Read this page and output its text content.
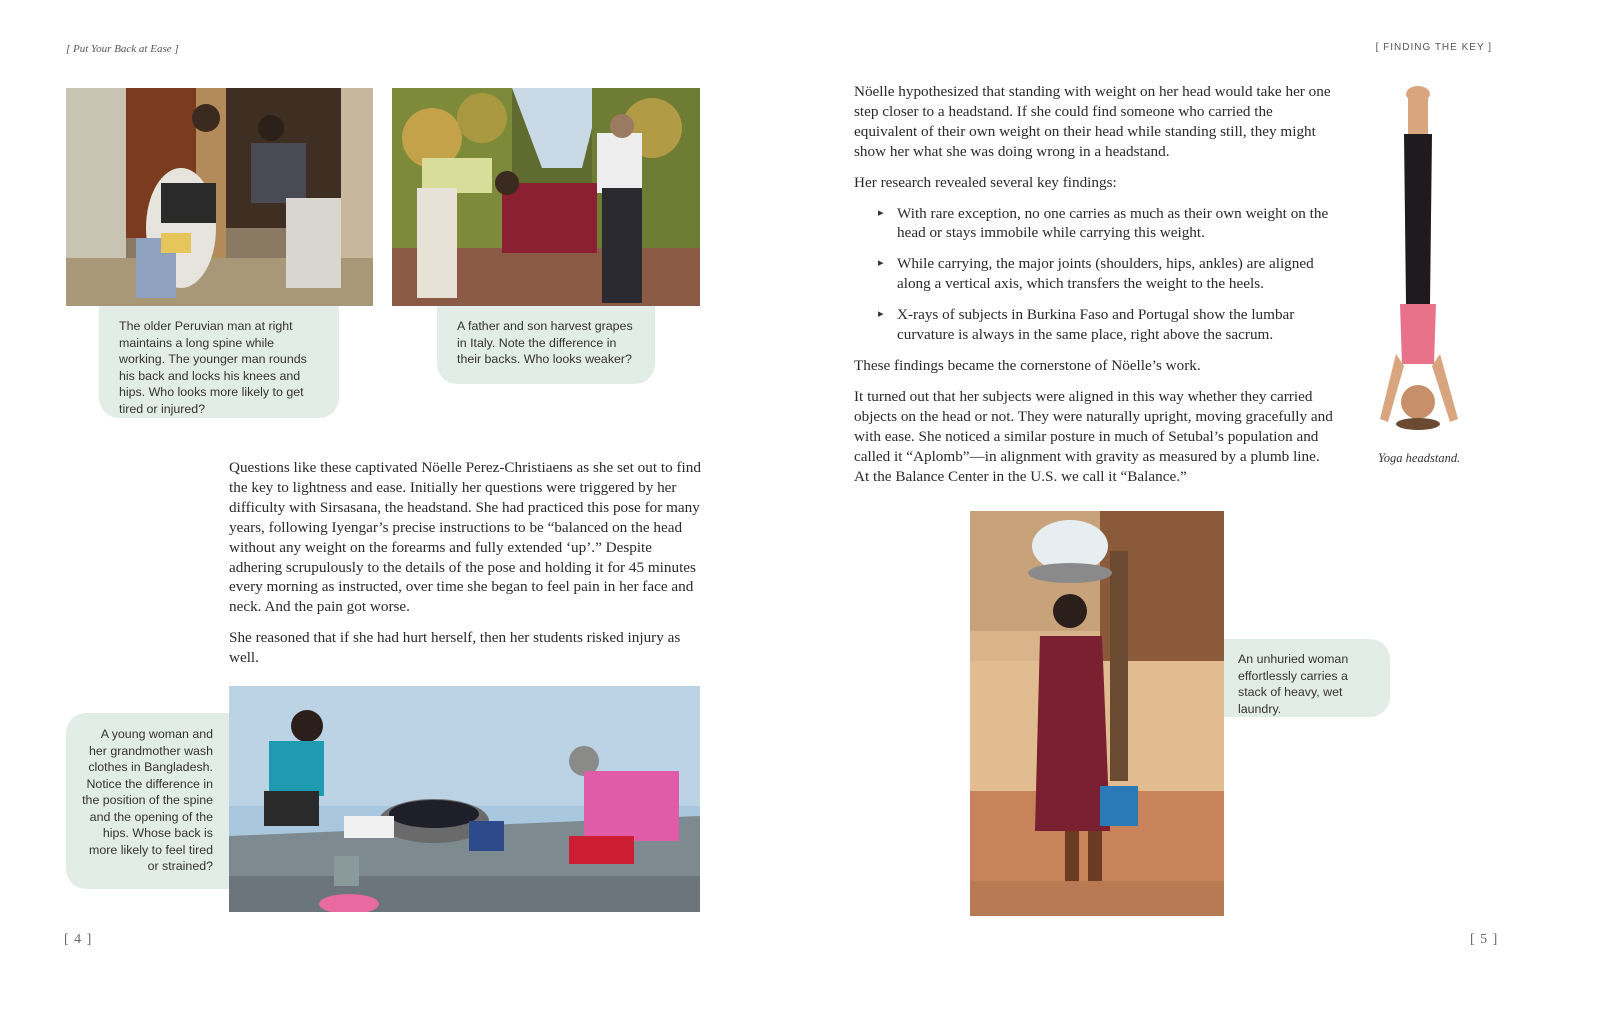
[ Put Your Back at Ease ]

The older Peruvian man at right maintains a long spine while working. The younger man rounds his back and locks his knees and hips. Who looks more likely to get tired or injured?

A father and son harvest grapes in Italy. Note the difference in their backs. Who looks weaker?

Questions like these captivated Nöelle Perez-Christiaens as she set out to find the key to lightness and ease. Initially her questions were triggered by her difficulty with Sirsasana, the headstand. She had practiced this pose for many years, following Iyengar’s precise instructions to be “balanced on the head without any weight on the forearms and fully extended ‘up’.” Despite adhering scrupulously to the details of the pose and holding it for 45 minutes every morning as instructed, over time she began to feel pain in her face and neck. And the pain got worse.

She reasoned that if she had hurt herself, then her students risked injury as well.

A young woman and her grandmother wash clothes in Bangladesh. Notice the difference in the position of the spine and the opening of the hips. Whose back is more likely to feel tired or strained?

[ 4 ]
[ FINDING THE KEY ]

Nöelle hypothesized that standing with weight on her head would take her one step closer to a headstand. If she could find someone who carried the equivalent of their own weight on their head while standing still, they might show her what she was doing wrong in a headstand.

Her research revealed several key findings:

▸ With rare exception, no one carries as much as their own weight on the head or stays immobile while carrying this weight.
▸ While carrying, the major joints (shoulders, hips, ankles) are aligned along a vertical axis, which transfers the weight to the heels.
▸ X-rays of subjects in Burkina Faso and Portugal show the lumbar curvature is always in the same place, right above the sacrum.

These findings became the cornerstone of Nöelle’s work.

It turned out that her subjects were aligned in this way whether they carried objects on the head or not. They were naturally upright, moving gracefully and with ease. She noticed a similar posture in much of Setubal’s population and called it “Aplomb”—in alignment with gravity as measured by a plumb line. At the Balance Center in the U.S. we call it “Balance.”

Yoga headstand.

An unhuried woman effortlessly carries a stack of heavy, wet laundry.

[ 5 ]
